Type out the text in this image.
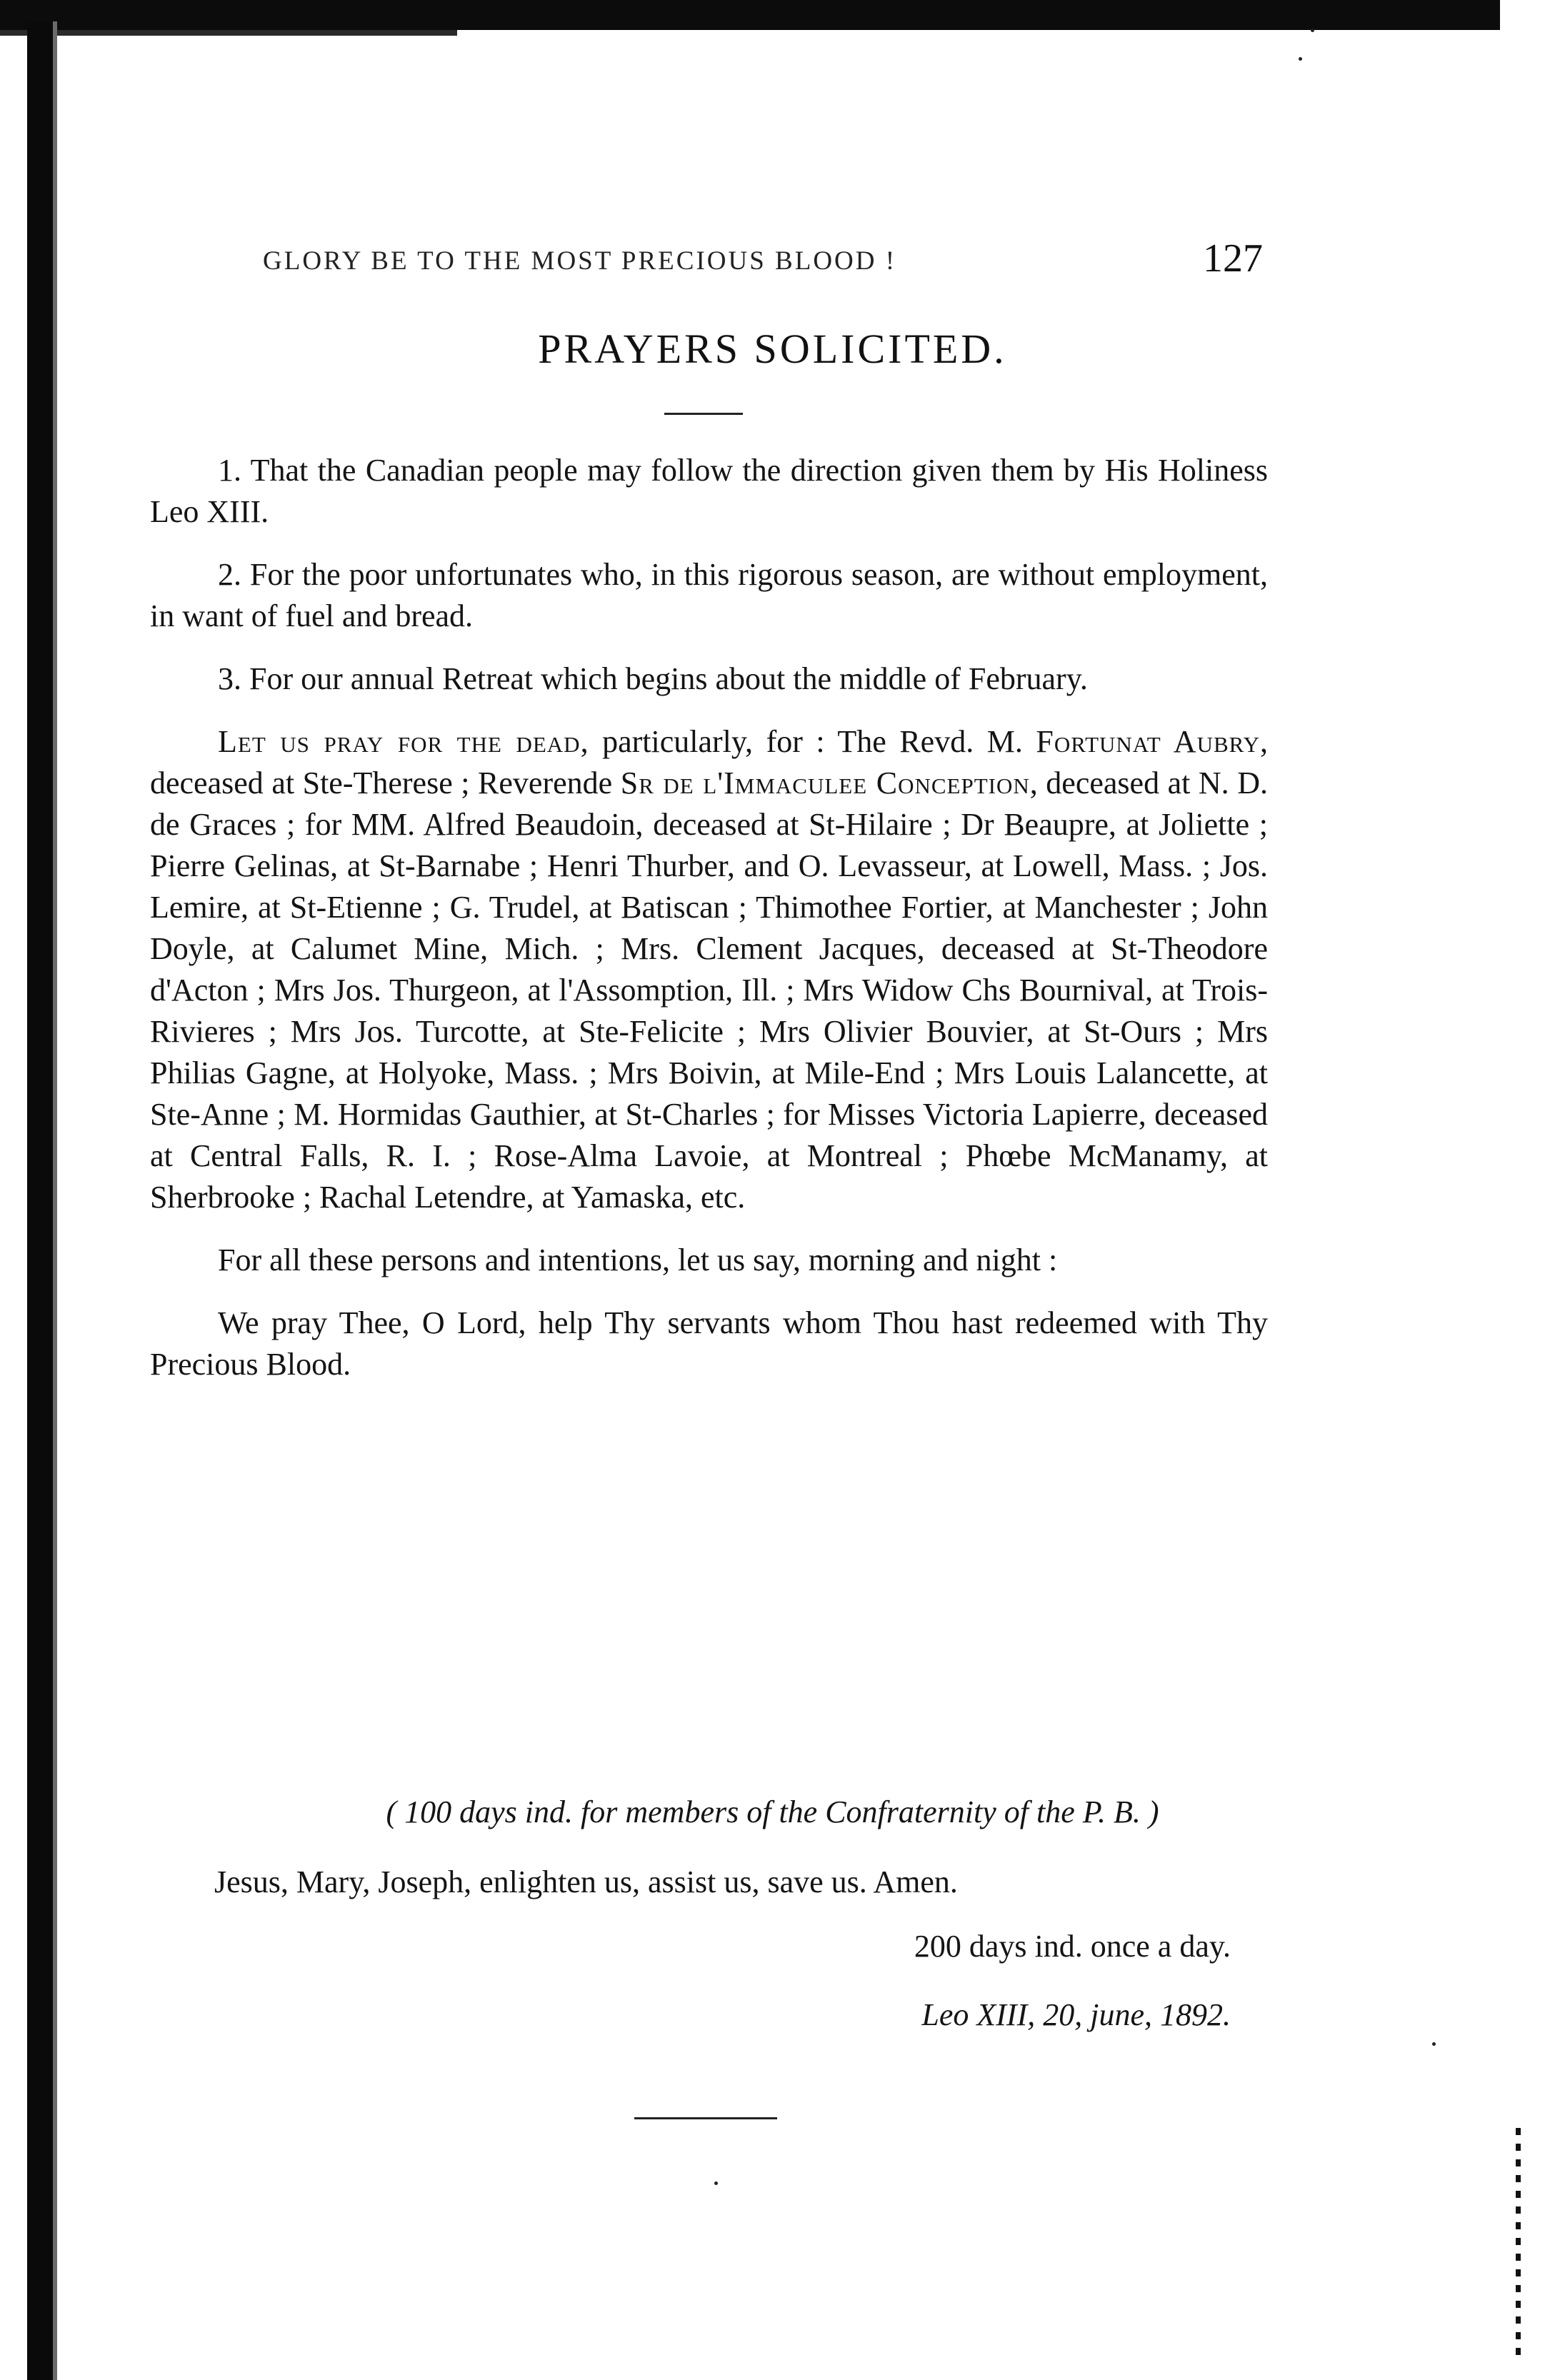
GLORY BE TO THE MOST PRECIOUS BLOOD !	127
PRAYERS SOLICITED.

1. That the Canadian people may follow the direction given them by His Holiness Leo XIII.

2. For the poor unfortunates who, in this rigorous season, are without employment, in want of fuel and bread.

3. For our annual Retreat which begins about the middle of February.

Let us pray for the dead, particularly, for : The Revd. M. Fortunat Aubry, deceased at Ste-Therese ; Reverende Sr de l'Immaculee Conception, deceased at N. D. de Graces ; for MM. Alfred Beaudoin, deceased at St-Hilaire ; Dr Beaupre, at Joliette ; Pierre Gelinas, at St-Barnabe ; Henri Thurber, and O. Levasseur, at Lowell, Mass. ; Jos. Lemire, at St-Etienne ; G. Trudel, at Batiscan ; Thimothee Fortier, at Manchester ; John Doyle, at Calumet Mine, Mich. ; Mrs. Clement Jacques, deceased at St-Theodore d'Acton ; Mrs Jos. Thurgeon, at l'Assomption, Ill. ; Mrs Widow Chs Bournival, at Trois-Rivieres ; Mrs Jos. Turcotte, at Ste-Felicite ; Mrs Olivier Bouvier, at St-Ours ; Mrs Philias Gagne, at Holyoke, Mass. ; Mrs Boivin, at Mile-End ; Mrs Louis Lalancette, at Ste-Anne ; M. Hormidas Gauthier, at St-Charles ; for Misses Victoria Lapierre, deceased at Central Falls, R. I. ; Rose-Alma Lavoie, at Montreal ; Phœbe McManamy, at Sherbrooke ; Rachal Letendre, at Yamaska, etc.

For all these persons and intentions, let us say, morning and night :

We pray Thee, O Lord, help Thy servants whom Thou hast redeemed with Thy Precious Blood.

( 100 days ind. for members of the Confraternity of the P. B. )
Jesus, Mary, Joseph, enlighten us, assist us, save us. Amen.
200 days ind. once a day.
Leo XIII, 20, june, 1892.
